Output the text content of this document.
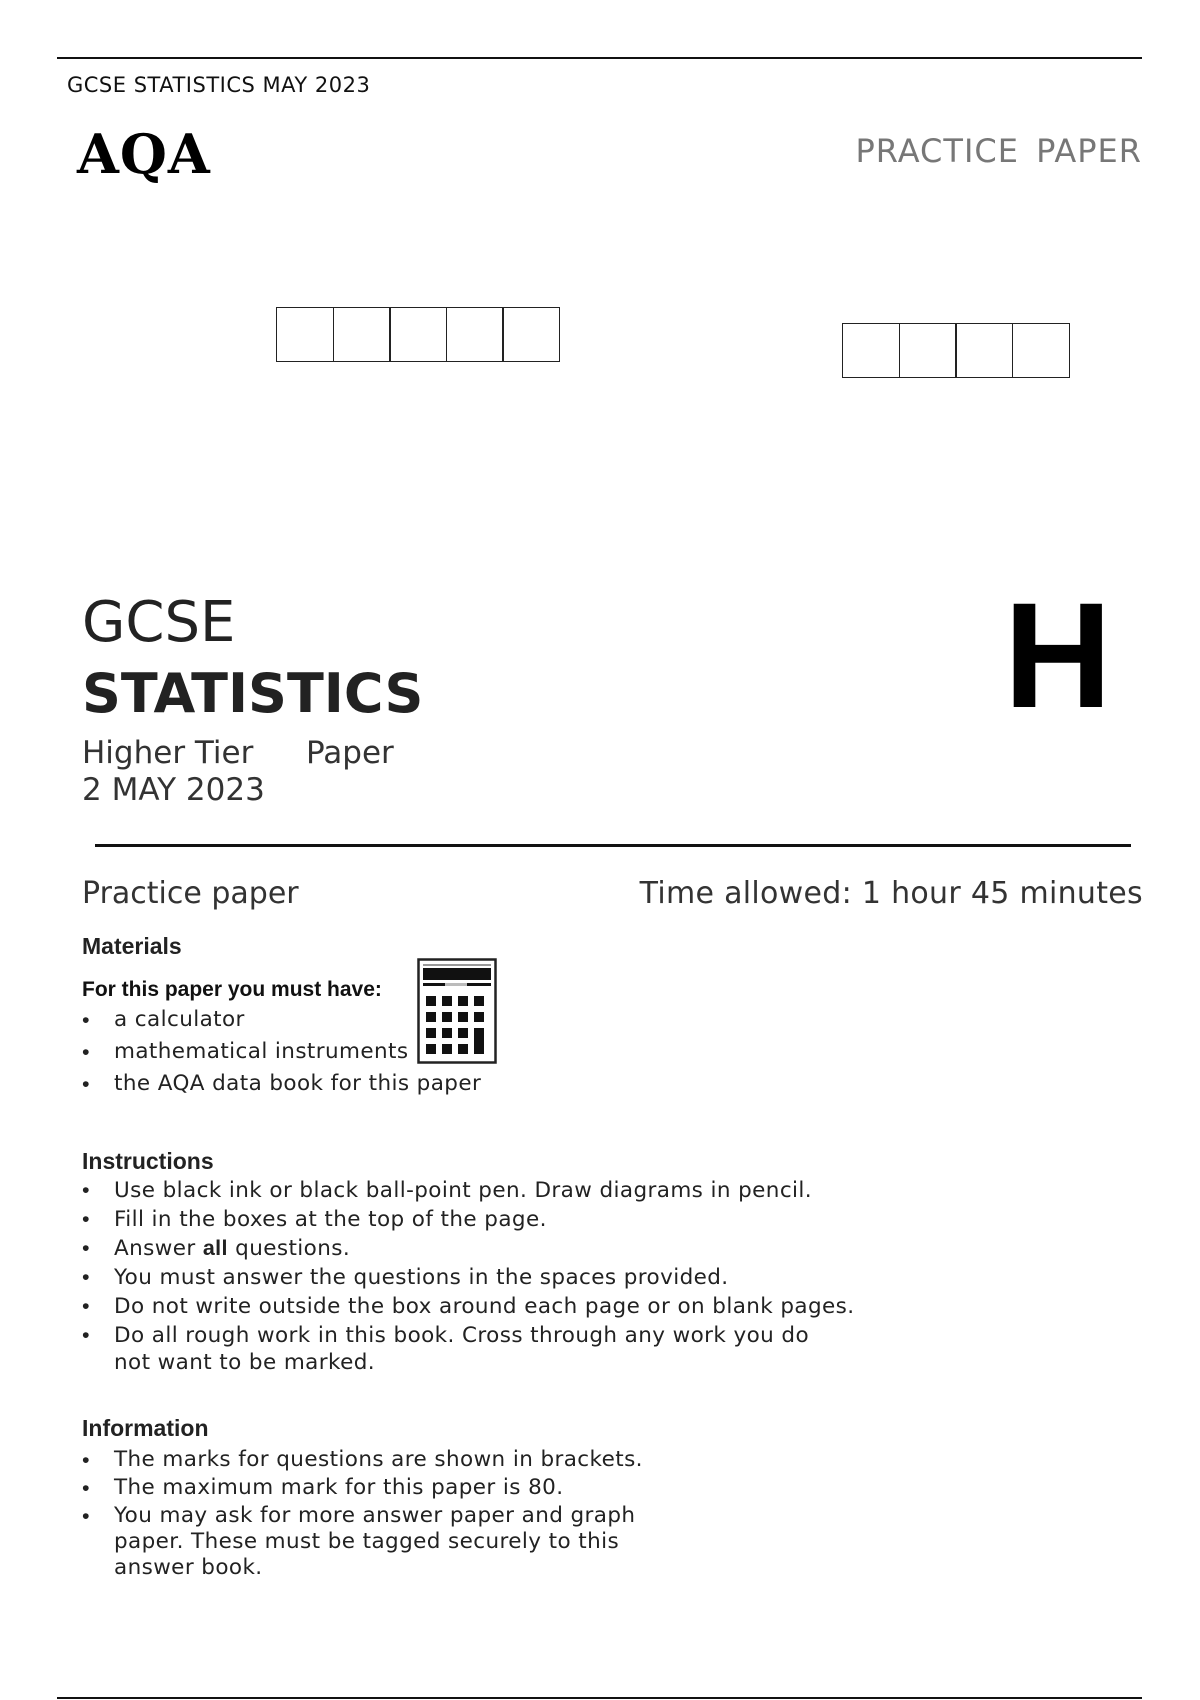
GCSE STATISTICS MAY 2023
AQA	PRACTICE PAPER
GCSE
STATISTICS
Higher Tier Paper
2 MAY 2023
H
Practice paper	Time allowed: 1 hour 45 minutes
Materials
For this paper you must have:
• a calculator
• mathematical instruments
• the AQA data book for this paper
Instructions
• Use black ink or black ball-point pen. Draw diagrams in pencil.
• Fill in the boxes at the top of the page.
• Answer all questions.
• You must answer the questions in the spaces provided.
• Do not write outside the box around each page or on blank pages.
• Do all rough work in this book. Cross through any work you do not want to be marked.
Information
• The marks for questions are shown in brackets.
• The maximum mark for this paper is 80.
• You may ask for more answer paper and graph paper. These must be tagged securely to this answer book.
